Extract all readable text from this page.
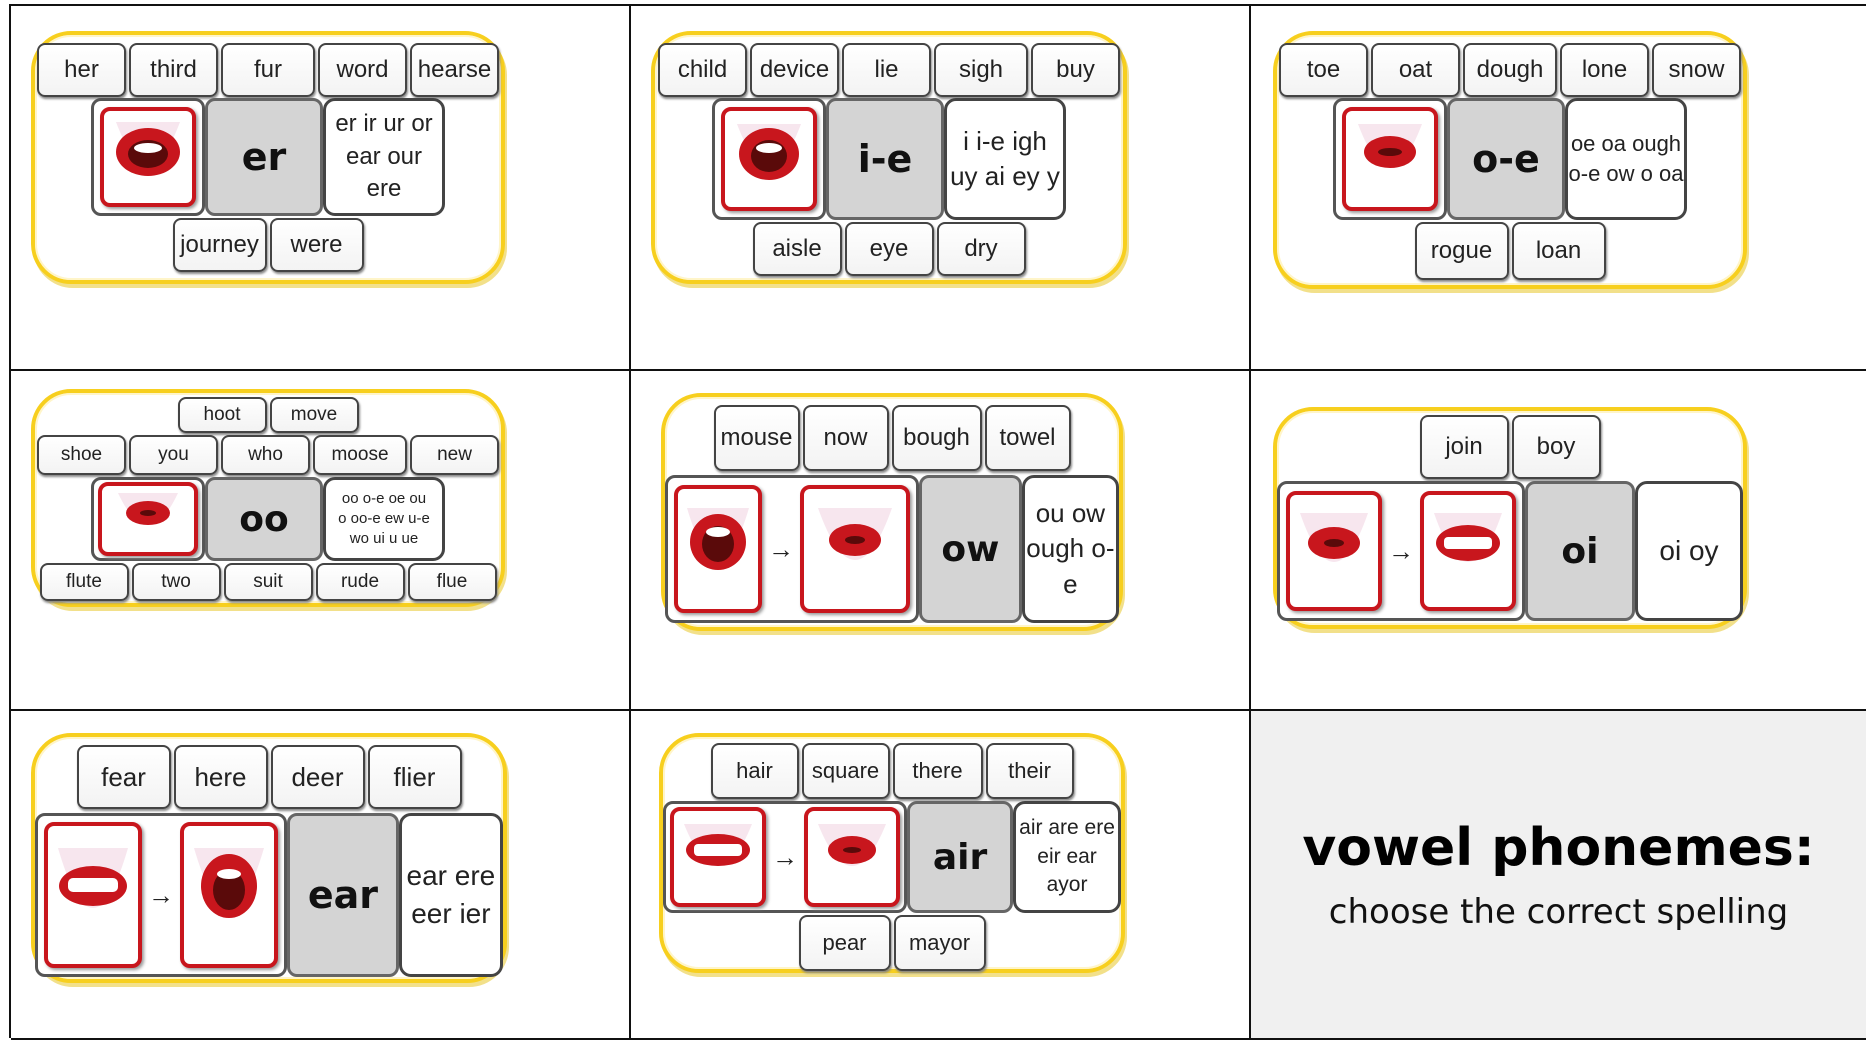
her	third	fur	word	hearse
er
er ir ur or
ear our ere
journey	were
child	device	lie	sigh	buy
i-e	i i-e igh
uy ai ey y
aisle	eye	dry
toe	oat	dough	lone	snow
o-e	oe oa ough
o-e ow o oa
rogue	loan
hoot	move
shoe	you	who	moose	new
oo
oo o-e oe ou
o oo-e ew u-e
wo ui u ue
flute	two	suit	rude	flue
mouse	now	bough	towel
→	ow
ou ow
ough o-e
join	boy
→	oi	oi oy
fear	here	deer	flier
→	ear	ear ere
eer ier
hair	square	there	their
→	air
air are ere
eir ear ayor
pear	mayor
vowel phonemes:
choose the correct spelling
